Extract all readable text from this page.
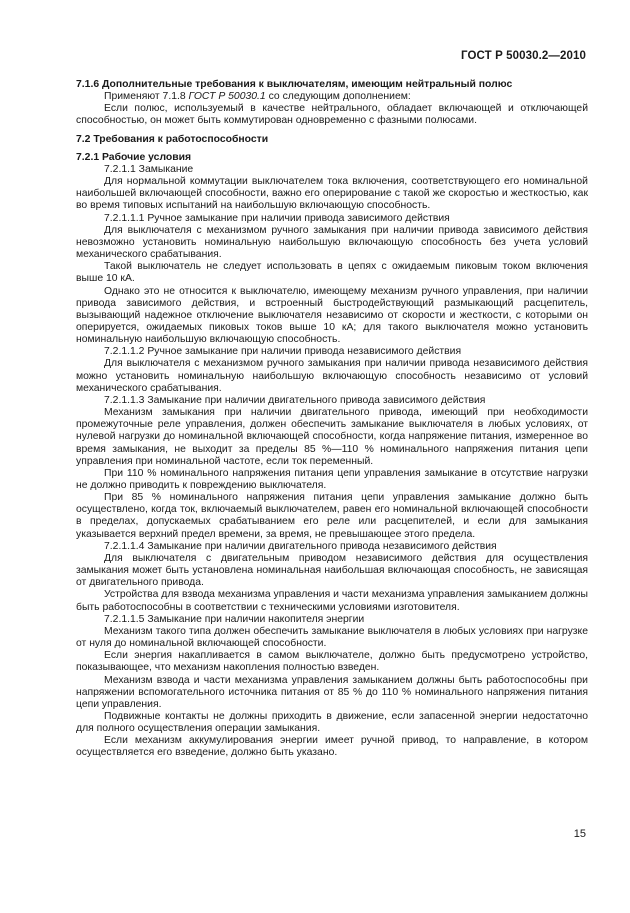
ГОСТ Р 50030.2—2010

7.1.6 Дополнительные требования к выключателям, имеющим нейтральный полюс

Применяют 7.1.8 ГОСТ Р 50030.1 со следующим дополнением:

Если полюс, используемый в качестве нейтрального, обладает включающей и отключающей способностью, он может быть коммутирован одновременно с фазными полюсами.

7.2 Требования к работоспособности

7.2.1 Рабочие условия

7.2.1.1 Замыкание

Для нормальной коммутации выключателем тока включения, соответствующего его номинальной наибольшей включающей способности, важно его оперирование с такой же скоростью и жесткостью, как во время типовых испытаний на наибольшую включающую способность.

7.2.1.1.1 Ручное замыкание при наличии привода зависимого действия

Для выключателя с механизмом ручного замыкания при наличии привода зависимого действия невозможно установить номинальную наибольшую включающую способность без учета условий механического срабатывания.

Такой выключатель не следует использовать в цепях с ожидаемым пиковым током включения выше 10 кА.

Однако это не относится к выключателю, имеющему механизм ручного управления, при наличии привода зависимого действия, и встроенный быстродействующий размыкающий расцепитель, вызывающий надежное отключение выключателя независимо от скорости и жесткости, с которыми он оперируется, ожидаемых пиковых токов выше 10 кА; для такого выключателя можно установить номинальную наибольшую включающую способность.

7.2.1.1.2 Ручное замыкание при наличии привода независимого действия

Для выключателя с механизмом ручного замыкания при наличии привода независимого действия можно установить номинальную наибольшую включающую способность независимо от условий механического срабатывания.

7.2.1.1.3 Замыкание при наличии двигательного привода зависимого действия

Механизм замыкания при наличии двигательного привода, имеющий при необходимости промежуточные реле управления, должен обеспечить замыкание выключателя в любых условиях, от нулевой нагрузки до номинальной включающей способности, когда напряжение питания, измеренное во время замыкания, не выходит за пределы 85 %—110 % номинального напряжения питания цепи управления при номинальной частоте, если ток переменный.

При 110 % номинального напряжения питания цепи управления замыкание в отсутствие нагрузки не должно приводить к повреждению выключателя.

При 85 % номинального напряжения питания цепи управления замыкание должно быть осуществлено, когда ток, включаемый выключателем, равен его номинальной включающей способности в пределах, допускаемых срабатыванием его реле или расцепителей, и если для замыкания указывается верхний предел времени, за время, не превышающее этого предела.

7.2.1.1.4 Замыкание при наличии двигательного привода независимого действия

Для выключателя с двигательным приводом независимого действия для осуществления замыкания может быть установлена номинальная наибольшая включающая способность, не зависящая от двигательного привода.

Устройства для взвода механизма управления и части механизма управления замыканием должны быть работоспособны в соответствии с техническими условиями изготовителя.

7.2.1.1.5 Замыкание при наличии накопителя энергии

Механизм такого типа должен обеспечить замыкание выключателя в любых условиях при нагрузке от нуля до номинальной включающей способности.

Если энергия накапливается в самом выключателе, должно быть предусмотрено устройство, показывающее, что механизм накопления полностью взведен.

Механизм взвода и части механизма управления замыканием должны быть работоспособны при напряжении вспомогательного источника питания от 85 % до 110 % номинального напряжения питания цепи управления.

Подвижные контакты не должны приходить в движение, если запасенной энергии недостаточно для полного осуществления операции замыкания.

Если механизм аккумулирования энергии имеет ручной привод, то направление, в котором осуществляется его взведение, должно быть указано.

15
